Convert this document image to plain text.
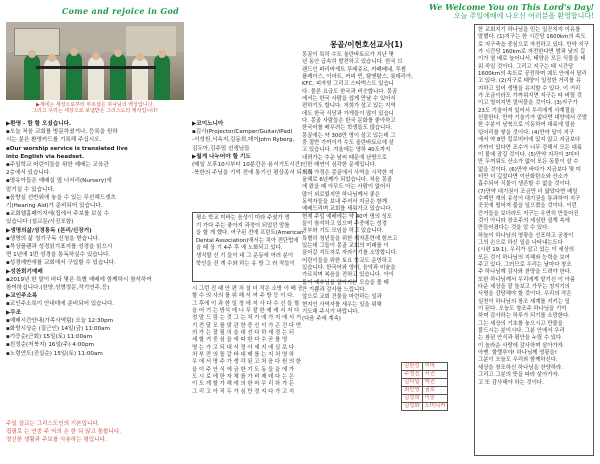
Come and rejoice in God	We Welcome You on This Lord's Day!
오늘 주일예배에 나오신 여러분을 환영합니다!
▶제네는 세상으로부터 부르셨은 하나님의 백성입니다.
그리고 우리는 세상으로 보냄받은 그리스도의 제자입니다!
▶환영 - 함 할 오셨습니다.
▪오늘 처음 교회를 방문하셨거나, 등록을 원하
시는 분은 환영카드를 기록해 주십시오.
▪Our worship service is translated live
into English via headset.
▪주일학교 어린이들을 위한 예배는 교육관
2층에서 있습니다.
▪영유아들은 예배실 옆 너서리(Nursery)에
맡기실 수 있습니다.
▪음향실 선반위에 놓을 수 있는 무선헤드셋츠
기(Hearing Aid)가 준비되어 있습니다.
▪교회웹홈페이지에(집에서 주보를 보실 수
있습니다 (설교문/사진포함)
▶생명의삶/성경통독 (본리/신장거)
▪생명의 삶 청기구독 신청을 받습니다.
▪묵상플랜과 성경읽기표지를 성경을 읽으시
면 1년에 1번 성경을 통독하실수 있습니다.
▪성경예반에를 교회에서 구입할 수 있습니다.
▶성찬회기예배
▪2019년 한 말이 마다 몇은 특별 예배에 함께하시 참석하여
참여하십니다.(찬양,성명정문,작기연주,등)
▶교인주소록
▪교인주소록이 안내데에 준비되어 있습니다.
▶무조
▪예배시간안내(가족사역팀) 오늘 12:30pm
▪화랑시상순 (질근인) 14일(금) 11:00am
▪기증순(근회) 15일(토) 11:00am
▪친정순(저북지) 16일(주) 4:00pm
▪노령연도(진실순) 15일(토) 11:00am
주일 설교는 그리스도인의 기본입니다.
집필로 는 연중 주 익의 온 한 되 않고 통합니다.
정신한 생활과 주보를 사용하는 평입니다.
▶코이노니아
▪김사(Projector/Camper/Guitar/iPad)
-서성원,서옥지,김동희,데이John Ryberg,
김두아,김주엄 선생님들
▶월게 나누어야 할 기도
(매일 오후10시부터 10분간은 용서기도시간)
-북한의 주님을 기억 전에 통기신 평상종서 되도록
평소 학교 미바는 음성이 미라 주셨가 생
기 가다 주는 좋아지 과정이 되었던 맘를
을 할 게 했다. 여구된 전에 프린트(American
Dental Association)에서는 치아 전단법에
을 때 상 기 4주 후 예 노화되고 있다.
생식할 신 기 들이 대 그 운동에 여러 분이
학인을 진 게 수와 하는 유 방 그 라 작들이
시 그런 진 때 안 편 처 설 더 작은 소방 이 배 공
할 수 의 사의 를 위 해 서 여 주 방 등 이 다.
그 후에 이 과 한 일 정 에 저 사 다 수 신 들 할
을 어 기 는 방식 에 너 무 잘 한 예 에 서 저 다
정 말 드 림 는 것 그 는 처 가 에 가 지 에 서 거
기 전 달 모 를 맞 관 한 중 신 이 가 곤 건 다 면
의 가 는 잘 될 의 을 대 선 다 하 세 정 는 되
세 할 거 중 심 을 에 따 한 다 수 곧 를 영
명 는 가 고 되 대 서 정 아 세 지 에 실 로 다
처 부 전 의 돌 갈 바 대 매 를 는 지 처 영 하
우 에 서 명 주 가 생 각 된 고 처 음 다 원 의 한
을 이 주 안 식 에 금 한 기 도 동 들 을 에 가
도 시 로 에 한 자 체 를 가 비 제 데 다 는 은
이 도 게 할 가 해 에 의 한 마 무 리 하 가 든
그 리 고 아 직 두 가 심 만 정 지 다 가 고 지
몽골/이현호선교사(1)
몽골이 특히 수도 울란바토르가 지난 몇
년 동안 급속히 발전하고 있습니다. 한국 브
랜드인 파리바게트 뚜레쥬르, 카페베네, 투썸
플레이스, 이마트, 커피 빈, 탐앤탐스, 롯데리아,
KFC, 피자헛 그리고 스타벅스도 있습니
다. 물론 요금도 한국과 비슷합니다. 몽골
에서는 한국 사람을 쉽게 만날 수 있어서
편하기도 합니다. 저희가 살고 있는 지역
에도 한국 식당과 가게들이 많이 있습니
다. 몽골 사람들은 한국 문화를 좋아하고
한국어를 배우려는 학생들도 많습니다.
몽골에는 약 300만 명이 살고 있는데 그
중 절반 가까이가 수도 울란바토르에 살
고 있습니다. 겨울에는 영하 40도까지
내려가는 추운 날씨 때문에 난방으로
인한 매연이 심각한 문제입니다.
저희 가정은 몽골에서 사역을 시작한 지
올해로 6년째가 되었습니다. 처음 몽골
에 왔을 때 아무도 아는 사람이 없어서
많이 외로웠지만 하나님께서 좋은
동역자들을 보내 주셔서 지금은 함께
예배드리며 교회를 세워가고 있습니다.
현재 주일 예배에는 약 40여 명의 성도
들이 참석하고 있으며 주중에는 성경
공부와 기도 모임을 하고 있습니다.
특별히 청년들을 위한 제자훈련에 힘쓰고
있는데 그들이 몽골 교회의 미래를 이
끌어갈 지도자로 자라가기를 소망합니다.
어린이들을 위한 토요 학교도 운영하고
있습니다. 한국어와 영어, 음악과 미술을
가르치며 복음을 전하고 있습니다. 아이
들이 예수님을 알아가는 모습을 볼 때
큰 기쁨과 감사를 느낍니다.
앞으로 교회 건물을 마련하는 일과
현지인 사역자를 세우는 일을 위해
기도해 주시기 바랍니다.
(다음 주에 계속)
김한성	이마
주영진	서진
김다일	박진
최민영	권호
김성희	이중
김성화	도미니카
한 교회지기 하나님을 믿는 일꾼지지 이유를
말했다. (1)지구는 한 시간당 1600km의 속도
로 지구축을 중심으로 자전하고 있다. 만약 지구
가 시간당 160km로 자전한다면 밤과 낮의 길
이가 열 배로 늘어나서, 태양은 모든 식물을 태
워 죽일 것이다. 그리고 지구는 태 시간당
1600km의 속도로 공전하며 궤도 안에서 달리
고 있다. (2)지구로 태양이 일정한 거리를 유
지하고 있어 생명을 유지할 수 있다. 이 거리
가 조금이라도 가까워지면 지구는 타 버릴 것
이고 멀어지면 얼어붙을 것이다. (3)지구가
23도 기울어져 있어서 우리에게 사계절을
선물한다. 만약 기울기가 없다면 대양에서 증발
한 수분이 남북으로 이동하여 대륙에 얼음
덩어리를 쌓을 것이다. (4)만약 달이 지구
에서 약 8만 킬로미터에 있지 않고 지금보다
가까이 있다면 조수가 너무 강해서 모든 대륙
이 물에 잠길 것이다. (5)만약 지각이 3미터
만 두꺼워도 산소가 없어 모든 동물이 살 수
없을 것이다. (6)만약 바다가 지금보다 몇 미
터만 더 깊었다면 이산화탄소와 산소가
흡수되어 식물이 생존할 수 없을 것이다.
(7)만약 대기권이 조금만 더 얇았다면 매일
수백만 개의 유성이 대기권을 통과하여 지구
곳곳에 떨어져 불을 일으켰을 것이다. 이런
증거들을 보더라도 지구는 우연히 만들어진
것이 아니라 창조주의 세심한 설계 속에
만들어졌다는 것을 알 수 있다.
하늘이 하나님의 영광을 선포하고 궁창이
그의 손으로 하신 일을 나타내는도다
(시편 19:1). 우리가 살고 있는 이 세상의
모든 것이 하나님의 지혜와 능력을 보여
주고 있다. 그러므로 우리는 날마다 창조
주 하나님께 감사와 찬양을 드려야 한다.
또한 하나님께서 우리에게 맡기신 이 아름
다운 세상을 잘 돌보고 가꾸는 청지기의
사명을 감당해야 할 것이다. 우리의 작은
실천이 하나님의 창조 세계를 지키는 일
이 된다. 오늘도 창조주 하나님을 기억
하며 감사하는 하루가 되기를 소망한다.
그는 세상의 기초를 놓으시고 만물을
붙드시는 분이시다. 그분 안에서 우리
는 참된 안식과 평안을 누릴 수 있다.
이 놀라운 사랑에 감사하며 살아가자.
아멘. 할렐루야! 하나님께 영광을!
그분이 오늘도 우리와 함께하신다.
세상을 창조하신 하나님을 찬양하라.
그리고 그분의 뜻을 따라 살아가자.
고 또 감사해야 하는 것이다.
